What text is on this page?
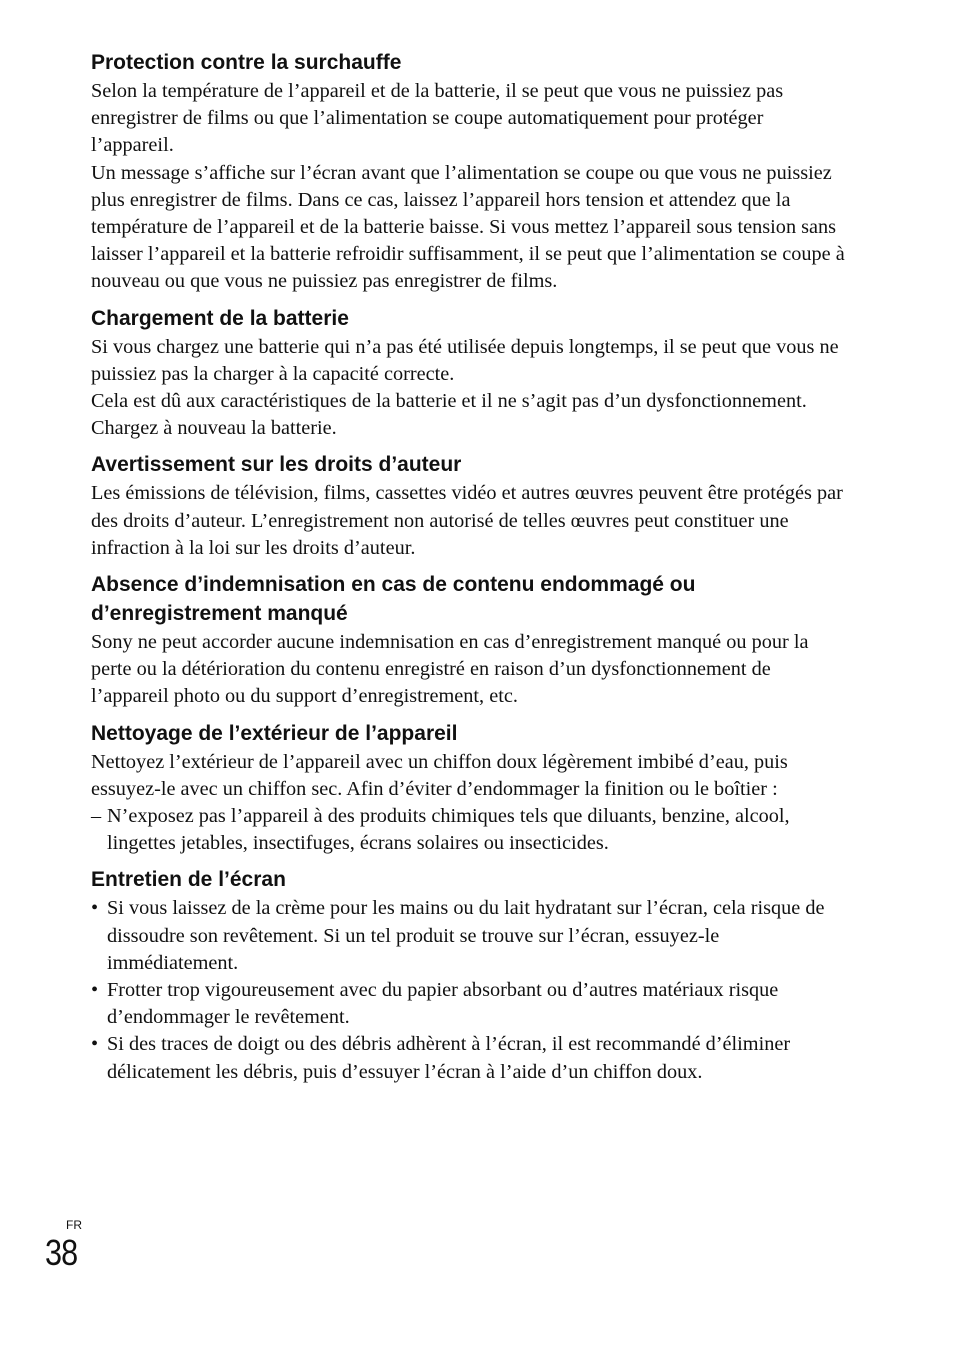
Protection contre la surchauffe

Selon la température de l’appareil et de la batterie, il se peut que vous ne puissiez pas enregistrer de films ou que l’alimentation se coupe automatiquement pour protéger l’appareil.

Un message s’affiche sur l’écran avant que l’alimentation se coupe ou que vous ne puissiez plus enregistrer de films. Dans ce cas, laissez l’appareil hors tension et attendez que la température de l’appareil et de la batterie baisse. Si vous mettez l’appareil sous tension sans laisser l’appareil et la batterie refroidir suffisamment, il se peut que l’alimentation se coupe à nouveau ou que vous ne puissiez pas enregistrer de films.

Chargement de la batterie

Si vous chargez une batterie qui n’a pas été utilisée depuis longtemps, il se peut que vous ne puissiez pas la charger à la capacité correcte.

Cela est dû aux caractéristiques de la batterie et il ne s’agit pas d’un dysfonctionnement. Chargez à nouveau la batterie.

Avertissement sur les droits d’auteur

Les émissions de télévision, films, cassettes vidéo et autres œuvres peuvent être protégés par des droits d’auteur. L’enregistrement non autorisé de telles œuvres peut constituer une infraction à la loi sur les droits d’auteur.

Absence d’indemnisation en cas de contenu endommagé ou d’enregistrement manqué

Sony ne peut accorder aucune indemnisation en cas d’enregistrement manqué ou pour la perte ou la détérioration du contenu enregistré en raison d’un dysfonctionnement de l’appareil photo ou du support d’enregistrement, etc.

Nettoyage de l’extérieur de l’appareil

Nettoyez l’extérieur de l’appareil avec un chiffon doux légèrement imbibé d’eau, puis essuyez-le avec un chiffon sec. Afin d’éviter d’endommager la finition ou le boîtier :

– N’exposez pas l’appareil à des produits chimiques tels que diluants, benzine, alcool, lingettes jetables, insectifuges, écrans solaires ou insecticides.
Entretien de l’écran
• Si vous laissez de la crème pour les mains ou du lait hydratant sur l’écran, cela risque de dissoudre son revêtement. Si un tel produit se trouve sur l’écran, essuyez-le immédiatement.
• Frotter trop vigoureusement avec du papier absorbant ou d’autres matériaux risque d’endommager le revêtement.
• Si des traces de doigt ou des débris adhèrent à l’écran, il est recommandé d’éliminer délicatement les débris, puis d’essuyer l’écran à l’aide d’un chiffon doux.
FR
38
